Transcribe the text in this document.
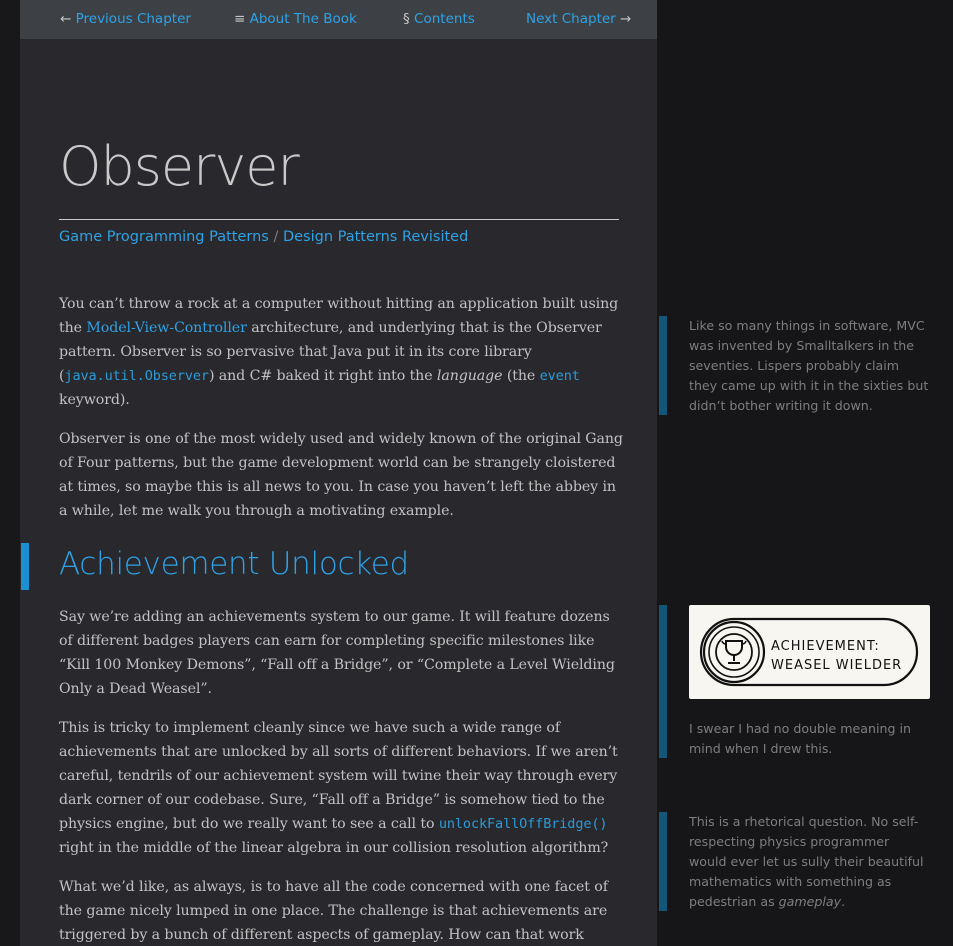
← Previous Chapter	≡ About The Book	§ Contents	Next Chapter →
Observer
Game Programming Patterns / Design Patterns Revisited

You can’t throw a rock at a computer without hitting an application built using the Model-View-Controller architecture, and underlying that is the Observer pattern. Observer is so pervasive that Java put it in its core library (java.util.Observer) and C# baked it right into the language (the event keyword).

Observer is one of the most widely used and widely known of the original Gang of Four patterns, but the game development world can be strangely cloistered at times, so maybe this is all news to you. In case you haven’t left the abbey in a while, let me walk you through a motivating example.

Achievement Unlocked

Say we’re adding an achievements system to our game. It will feature dozens of different badges players can earn for completing specific milestones like “Kill 100 Monkey Demons”, “Fall off a Bridge”, or “Complete a Level Wielding Only a Dead Weasel”.

This is tricky to implement cleanly since we have such a wide range of achievements that are unlocked by all sorts of different behaviors. If we aren’t careful, tendrils of our achievement system will twine their way through every dark corner of our codebase. Sure, “Fall off a Bridge” is somehow tied to the physics engine, but do we really want to see a call to unlockFallOffBridge() right in the middle of the linear algebra in our collision resolution algorithm?

What we’d like, as always, is to have all the code concerned with one facet of the game nicely lumped in one place. The challenge is that achievements are triggered by a bunch of different aspects of gameplay. How can that work

Like so many things in software, MVC was invented by Smalltalkers in the seventies. Lispers probably claim they came up with it in the sixties but didn’t bother writing it down.

ACHIEVEMENT:
WEASEL WIELDER

I swear I had no double meaning in mind when I drew this.

This is a rhetorical question. No self-respecting physics programmer would ever let us sully their beautiful mathematics with something as pedestrian as gameplay.
